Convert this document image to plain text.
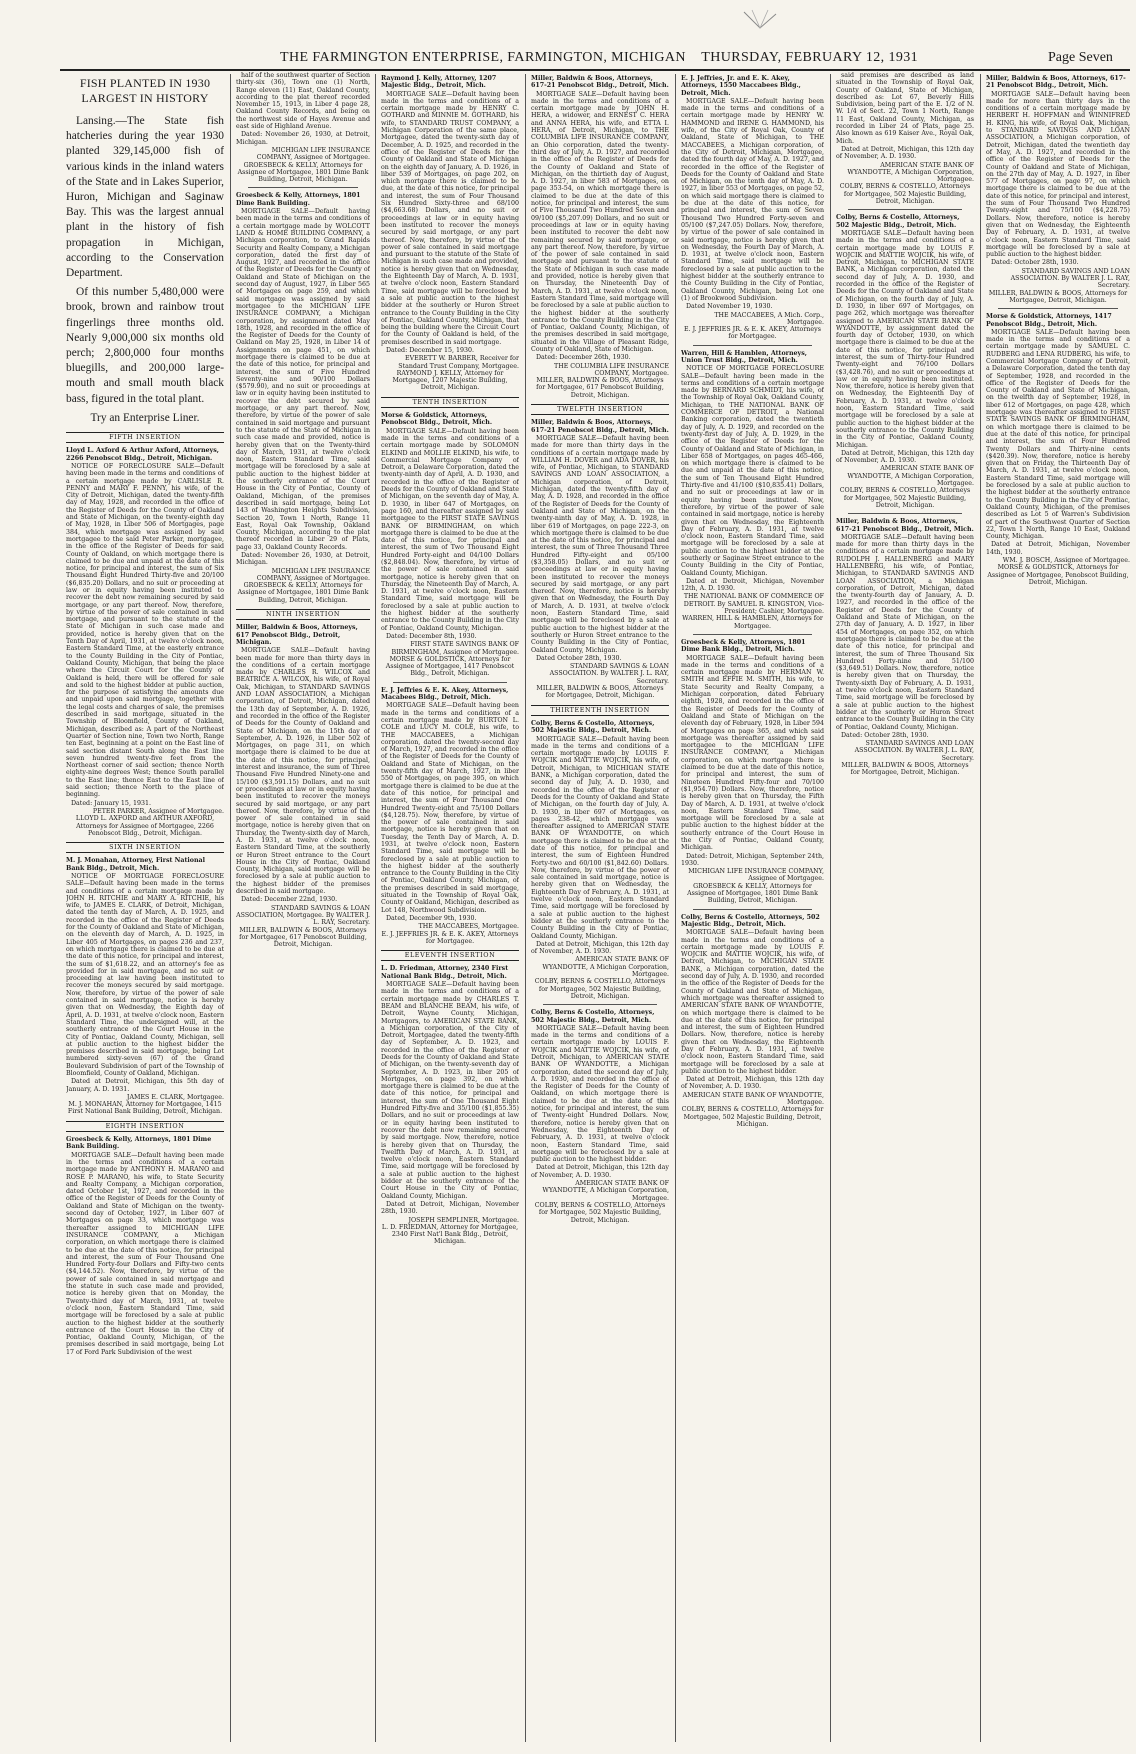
THE FARMINGTON ENTERPRISE, FARMINGTON, MICHIGAN THURSDAY, FEBRUARY 12, 1931	Page Seven
FISH PLANTED IN 1930
LARGEST IN HISTORY

Lansing.—The State fish hatcheries during the year 1930 planted 329,145,000 fish of various kinds in the inland waters of the State and in Lakes Superior, Huron, Michigan and Saginaw Bay. This was the largest annual plant in the history of fish propagation in Michigan, according to the Conservation Department.

Of this number 5,480,000 were brook, brown and rainbow trout fingerlings three months old. Nearly 9,000,000 six months old perch; 2,800,000 four months bluegills, and 200,000 large-mouth and small mouth black bass, figured in the total plant.

Try an Enterprise Liner.

FIFTH INSERTION
Lloyd L. Axford & Arthur Axford, Attorneys, 2266 Penobscot Bldg., Detroit, Michigan.

NOTICE OF FORECLOSURE SALE—Default having been made in the terms and conditions of a certain mortgage made by CARLISLE R. PENNY and MARY F. PENNY, his wife, of the City of Detroit, Michigan, dated the twenty-fifth day of May, 1928, and recorded in the office of the Register of Deeds for the County of Oakland and State of Michigan, on the twenty-eighth day of May, 1928, in Liber 506 of Mortgages, page 384, which mortgage was assigned by said mortgagee to the said Peter Parker, mortgagee, in the office of the Register of Deeds for said County of Oakland, on which mortgage there is claimed to be due and unpaid at the date of this notice, for principal and interest, the sum of Six Thousand Eight Hundred Thirty-five and 20/100 ($6,835.20) Dollars, and no suit or proceeding at law or in equity having been instituted to recover the debt now remaining secured by said mortgage, or any part thereof. Now, therefore, by virtue of the power of sale contained in said mortgage, and pursuant to the statute of the State of Michigan in such case made and provided, notice is hereby given that on the Tenth Day of April, 1931, at twelve o'clock noon, Eastern Standard Time, at the easterly entrance to the County Building in the City of Pontiac, Oakland County, Michigan, that being the place where the Circuit Court for the County of Oakland is held, there will be offered for sale and sold to the highest bidder at public auction, for the purpose of satisfying the amounts due and unpaid upon said mortgage, together with the legal costs and charges of sale, the premises described in said mortgage, situated in the Township of Bloomfield, County of Oakland, Michigan, described as: A part of the Northeast Quarter of Section nine, Town two North, Range ten East, beginning at a point on the East line of said section distant South along the East line seven hundred twenty-five feet from the Northeast corner of said section; thence North eighty-nine degrees West; thence South parallel to the East line; thence East to the East line of said section; thence North to the place of beginning.

Dated: January 15, 1931.

PETER PARKER, Assignee of Mortgagee.

LLOYD L. AXFORD and ARTHUR AXFORD, Attorneys for Assignee of Mortgagee, 2266 Penobscot Bldg., Detroit, Michigan.

SIXTH INSERTION
M. J. Monahan, Attorney, First National Bank Bldg., Detroit, Mich.

NOTICE OF MORTGAGE FORECLOSURE SALE—Default having been made in the terms and conditions of a certain mortgage made by JOHN H. RITCHIE and MARY A. RITCHIE, his wife, to JAMES E. CLARK, of Detroit, Michigan, dated the tenth day of March, A. D. 1925, and recorded in the office of the Register of Deeds for the County of Oakland and State of Michigan, on the eleventh day of March, A. D. 1925, in Liber 405 of Mortgages, on pages 236 and 237, on which mortgage there is claimed to be due at the date of this notice, for principal and interest, the sum of $1,618.22, and an attorney's fee as provided for in said mortgage, and no suit or proceeding at law having been instituted to recover the moneys secured by said mortgage. Now, therefore, by virtue of the power of sale contained in said mortgage, notice is hereby given that on Wednesday, the Eighth day of April, A. D. 1931, at twelve o'clock noon, Eastern Standard Time, the undersigned will, at the southerly entrance of the Court House in the City of Pontiac, Oakland County, Michigan, sell at public auction to the highest bidder the premises described in said mortgage, being Lot numbered sixty-seven (67) of the Grand Boulevard Subdivision of part of the Township of Bloomfield, County of Oakland, Michigan.

Dated at Detroit, Michigan, this 5th day of January, A. D. 1931.

JAMES E. CLARK, Mortgagee.

M. J. MONAHAN, Attorney for Mortgagee, 1415 First National Bank Building, Detroit, Michigan.

EIGHTH INSERTION
Groesbeck & Kelly, Attorneys, 1801 Dime Bank Building.

MORTGAGE SALE—Default having been made in the terms and conditions of a certain mortgage made by ANTHONY H. MARANO and ROSE P. MARANO, his wife, to State Security and Realty Company, a Michigan corporation, dated October 1st, 1927, and recorded in the office of the Register of Deeds for the County of Oakland and State of Michigan on the twenty-second day of October, 1927, in Liber 607 of Mortgages on page 33, which mortgage was thereafter assigned to MICHIGAN LIFE INSURANCE COMPANY, a Michigan corporation, on which mortgage there is claimed to be due at the date of this notice, for principal and interest, the sum of Four Thousand One Hundred Forty-four Dollars and Fifty-two cents ($4,144.52). Now, therefore, by virtue of the power of sale contained in said mortgage and the statute in such case made and provided, notice is hereby given that on Monday, the Twenty-third day of March, 1931, at twelve o'clock noon, Eastern Standard Time, said mortgage will be foreclosed by a sale at public auction to the highest bidder at the southerly entrance of the Court House in the City of Pontiac, Oakland County, Michigan, of the premises described in said mortgage, being Lot 17 of Ford Park Subdivision of the west

half of the southwest quarter of Section thirty-six (36), Town one (1) North, Range eleven (11) East, Oakland County, according to the plat thereof recorded November 15, 1913, in Liber 4 page 28, Oakland County Records, and being on the northwest side of Hayes Avenue and east side of Highland Avenue.

Dated: November 26, 1930, at Detroit, Michigan.

MICHIGAN LIFE INSURANCE COMPANY, Assignee of Mortgagee.

GROESBECK & KELLY, Attorneys for Assignee of Mortgagee, 1801 Dime Bank Building, Detroit, Michigan.

Groesbeck & Kelly, Attorneys, 1801 Dime Bank Building.

MORTGAGE SALE—Default having been made in the terms and conditions of a certain mortgage made by WOLCOTT LAND & HOME BUILDING COMPANY, a Michigan corporation, to Grand Rapids Security and Realty Company, a Michigan corporation, dated the first day of August, 1927, and recorded in the office of the Register of Deeds for the County of Oakland and State of Michigan on the second day of August, 1927, in Liber 565 of Mortgages on page 259, and which said mortgage was assigned by said mortgagee to the MICHIGAN LIFE INSURANCE COMPANY, a Michigan corporation, by assignment dated May 18th, 1928, and recorded in the office of the Register of Deeds for the County of Oakland on May 25, 1928, in Liber 14 of Assignments on page 451, on which mortgage there is claimed to be due at the date of this notice, for principal and interest, the sum of Five Hundred Seventy-nine and 90/100 Dollars ($579.90), and no suit or proceedings at law or in equity having been instituted to recover the debt secured by said mortgage, or any part thereof. Now, therefore, by virtue of the power of sale contained in said mortgage and pursuant to the statute of the State of Michigan in such case made and provided, notice is hereby given that on the Twenty-third day of March, 1931, at twelve o'clock noon, Eastern Standard Time, said mortgage will be foreclosed by a sale at public auction to the highest bidder at the southerly entrance of the Court House in the City of Pontiac, County of Oakland, Michigan, of the premises described in said mortgage, being Lot 143 of Washington Heights Subdivision, Section 20, Town 1 North, Range 11 East, Royal Oak Township, Oakland County, Michigan, according to the plat thereof recorded in Liber 29 of Plats, page 33, Oakland County Records.

Dated: November 26, 1930, at Detroit, Michigan.

MICHIGAN LIFE INSURANCE COMPANY, Assignee of Mortgagee.

GROESBECK & KELLY, Attorneys for Assignee of Mortgagee, 1801 Dime Bank Building, Detroit, Michigan.

NINTH INSERTION
Miller, Baldwin & Boos, Attorneys, 617 Penobscot Bldg., Detroit, Michigan.

MORTGAGE SALE—Default having been made for more than thirty days in the conditions of a certain mortgage made by CHARLES R. WILCOX and BEATRICE A. WILCOX, his wife, of Royal Oak, Michigan, to STANDARD SAVINGS AND LOAN ASSOCIATION, a Michigan corporation, of Detroit, Michigan, dated the 13th day of September, A. D. 1926, and recorded in the office of the Register of Deeds for the County of Oakland and State of Michigan, on the 15th day of September, A. D. 1926, in Liber 502 of Mortgages, on page 311, on which mortgage there is claimed to be due at the date of this notice, for principal, interest and insurance, the sum of Three Thousand Five Hundred Ninety-one and 15/100 ($3,591.15) Dollars, and no suit or proceedings at law or in equity having been instituted to recover the moneys secured by said mortgage, or any part thereof. Now, therefore, by virtue of the power of sale contained in said mortgage, notice is hereby given that on Thursday, the Twenty-sixth day of March, A. D. 1931, at twelve o'clock noon, Eastern Standard Time, at the southerly or Huron Street entrance to the Court House in the City of Pontiac, Oakland County, Michigan, said mortgage will be foreclosed by a sale at public auction to the highest bidder of the premises described in said mortgage.

Dated: December 22nd, 1930.

STANDARD SAVINGS & LOAN ASSOCIATION, Mortgagee. By WALTER J. L. RAY, Secretary.

MILLER, BALDWIN & BOOS, Attorneys for Mortgagee, 617 Penobscot Building, Detroit, Michigan.

Raymond J. Kelly, Attorney, 1207 Majestic Bldg., Detroit, Mich.

MORTGAGE SALE—Default having been made in the terms and conditions of a certain mortgage made by HENRY C. GOTHARD and MINNIE M. GOTHARD, his wife, to STANDARD TRUST COMPANY, a Michigan Corporation of the same place, Mortgagee, dated the twenty-sixth day of December, A. D. 1925, and recorded in the office of the Register of Deeds for the County of Oakland and State of Michigan on the eighth day of January, A. D. 1926, in liber 539 of Mortgages, on page 202, on which mortgage there is claimed to be due, at the date of this notice, for principal and interest, the sum of Four Thousand Six Hundred Sixty-three and 68/100 ($4,663.68) Dollars, and no suit or proceedings at law or in equity having been instituted to recover the moneys secured by said mortgage, or any part thereof. Now, therefore, by virtue of the power of sale contained in said mortgage and pursuant to the statute of the State of Michigan in such case made and provided, notice is hereby given that on Wednesday, the Eighteenth Day of March, A. D. 1931, at twelve o'clock noon, Eastern Standard Time, said mortgage will be foreclosed by a sale at public auction to the highest bidder at the southerly or Huron Street entrance to the County Building in the City of Pontiac, Oakland County, Michigan, that being the building where the Circuit Court for the County of Oakland is held, of the premises described in said mortgage.

Dated: December 15, 1930.

EVERETT W. BARBER, Receiver for Standard Trust Company, Mortgagee.

RAYMOND J. KELLY, Attorney for Mortgagee, 1207 Majestic Building, Detroit, Michigan.

TENTH INSERTION
Morse & Goldstick, Attorneys, Penobscot Bldg., Detroit, Mich.

MORTGAGE SALE—Default having been made in the terms and conditions of a certain mortgage made by SOLOMON ELKIND and MOLLIE ELKIND, his wife, to Commercial Mortgage Company of Detroit, a Delaware Corporation, dated the twenty-ninth day of April, A. D. 1930, and recorded in the office of the Register of Deeds for the County of Oakland and State of Michigan, on the seventh day of May, A. D. 1930, in liber 647 of Mortgages, on page 160, and thereafter assigned by said mortgagee to the FIRST STATE SAVINGS BANK OF BIRMINGHAM, on which mortgage there is claimed to be due at the date of this notice, for principal and interest, the sum of Two Thousand Eight Hundred Forty-eight and 04/100 Dollars ($2,848.04). Now, therefore, by virtue of the power of sale contained in said mortgage, notice is hereby given that on Thursday, the Nineteenth Day of March, A. D. 1931, at twelve o'clock noon, Eastern Standard Time, said mortgage will be foreclosed by a sale at public auction to the highest bidder at the southerly entrance to the County Building in the City of Pontiac, Oakland County, Michigan.

Dated: December 8th, 1930.

FIRST STATE SAVINGS BANK OF BIRMINGHAM, Assignee of Mortgagee.

MORSE & GOLDSTICK, Attorneys for Assignee of Mortgagee, 1417 Penobscot Bldg., Detroit, Michigan.

E. J. Jeffries & E. K. Akey, Attorneys, Macabees Bldg., Detroit, Mich.

MORTGAGE SALE—Default having been made in the terms and conditions of a certain mortgage made by BURTON L. COLE and LUCY M. COLE, his wife, to THE MACCABEES, a Michigan corporation, dated the twenty-second day of March, 1927, and recorded in the office of the Register of Deeds for the County of Oakland and State of Michigan, on the twenty-fifth day of March, 1927, in liber 550 of Mortgages, on page 395, on which mortgage there is claimed to be due at the date of this notice, for principal and interest, the sum of Four Thousand One Hundred Twenty-eight and 75/100 Dollars ($4,128.75). Now, therefore, by virtue of the power of sale contained in said mortgage, notice is hereby given that on Tuesday, the Tenth Day of March, A. D. 1931, at twelve o'clock noon, Eastern Standard Time, said mortgage will be foreclosed by a sale at public auction to the highest bidder at the southerly entrance to the County Building in the City of Pontiac, Oakland County, Michigan, of the premises described in said mortgage, situated in the Township of Royal Oak, County of Oakland, Michigan, described as Lot 148, Northwood Subdivision.

Dated, December 9th, 1930.

THE MACCABEES, Mortgagee.

E. J. JEFFRIES JR. & E. K. AKEY, Attorneys for Mortgagee.

ELEVENTH INSERTION
L. D. Friedman, Attorney, 2340 First National Bank Bldg., Detroit, Mich.

MORTGAGE SALE—Default having been made in the terms and conditions of a certain mortgage made by CHARLES T. BEAM and BLANCHE BEAM, his wife, of Detroit, Wayne County, Michigan, Mortgagors, to AMERICAN STATE BANK, a Michigan corporation, of the City of Detroit, Mortgagee, dated the twenty-fifth day of September, A. D. 1923, and recorded in the office of the Register of Deeds for the County of Oakland and State of Michigan, on the twenty-seventh day of September, A. D. 1923, in liber 205 of Mortgages, on page 392, on which mortgage there is claimed to be due at the date of this notice, for principal and interest, the sum of One Thousand Eight Hundred Fifty-five and 35/100 ($1,855.35) Dollars, and no suit or proceedings at law or in equity having been instituted to recover the debt now remaining secured by said mortgage. Now, therefore, notice is hereby given that on Thursday, the Twelfth Day of March, A. D. 1931, at twelve o'clock noon, Eastern Standard Time, said mortgage will be foreclosed by a sale at public auction to the highest bidder at the southerly entrance of the Court House in the City of Pontiac, Oakland County, Michigan.

Dated at Detroit, Michigan, November 28th, 1930.

JOSEPH SEMPLINER, Mortgagee.

L. D. FRIEDMAN, Attorney for Mortgagee, 2340 First Nat'l Bank Bldg., Detroit, Michigan.

Miller, Baldwin & Boos, Attorneys, 617-21 Penobscot Bldg., Detroit, Mich.

MORTGAGE SALE—Default having been made in the terms and conditions of a certain mortgage made by JOHN H. HERA, a widower, and ERNEST C. HERA and ANNA HERA, his wife, and ETTA I. HERA, of Detroit, Michigan, to THE COLUMBIA LIFE INSURANCE COMPANY, an Ohio corporation, dated the twenty-third day of July, A. D. 1927, and recorded in the office of the Register of Deeds for the County of Oakland and State of Michigan, on the thirtieth day of August, A. D. 1927, in liber 583 of Mortgages, on page 353-54, on which mortgage there is claimed to be due at the date of this notice, for principal and interest, the sum of Five Thousand Two Hundred Seven and 09/100 ($5,207.09) Dollars, and no suit or proceedings at law or in equity having been instituted to recover the debt now remaining secured by said mortgage, or any part thereof. Now, therefore, by virtue of the power of sale contained in said mortgage and pursuant to the statute of the State of Michigan in such case made and provided, notice is hereby given that on Thursday, the Nineteenth Day of March, A. D. 1931, at twelve o'clock noon, Eastern Standard Time, said mortgage will be foreclosed by a sale at public auction to the highest bidder at the southerly entrance to the County Building in the City of Pontiac, Oakland County, Michigan, of the premises described in said mortgage, situated in the Village of Pleasant Ridge, County of Oakland, State of Michigan.

Dated: December 26th, 1930.

THE COLUMBIA LIFE INSURANCE COMPANY, Mortgagee.

MILLER, BALDWIN & BOOS, Attorneys for Mortgagee, 617 Penobscot Building, Detroit, Michigan.

TWELFTH INSERTION
Miller, Baldwin & Boos, Attorneys, 617-21 Penobscot Bldg., Detroit, Mich.

MORTGAGE SALE—Default having been made for more than thirty days in the conditions of a certain mortgage made by WILLIAM H. DOVER and ADA DOVER, his wife, of Pontiac, Michigan, to STANDARD SAVINGS AND LOAN ASSOCIATION, a Michigan corporation, of Detroit, Michigan, dated the twenty-fifth day of May, A. D. 1928, and recorded in the office of the Register of Deeds for the County of Oakland and State of Michigan, on the twenty-ninth day of May, A. D. 1928, in liber 619 of Mortgages, on page 222-3, on which mortgage there is claimed to be due at the date of this notice, for principal and interest, the sum of Three Thousand Three Hundred Fifty-eight and 05/100 ($3,358.05) Dollars, and no suit or proceedings at law or in equity having been instituted to recover the moneys secured by said mortgage, or any part thereof. Now, therefore, notice is hereby given that on Wednesday, the Fourth Day of March, A. D. 1931, at twelve o'clock noon, Eastern Standard Time, said mortgage will be foreclosed by a sale at public auction to the highest bidder at the southerly or Huron Street entrance to the County Building in the City of Pontiac, Oakland County, Michigan.

Dated October 28th, 1930.

STANDARD SAVINGS & LOAN ASSOCIATION. By WALTER J. L. RAY, Secretary.

MILLER, BALDWIN & BOOS, Attorneys for Mortgagee, Detroit, Michigan.

THIRTEENTH INSERTION
Colby, Berns & Costello, Attorneys, 502 Majestic Bldg., Detroit, Mich.

MORTGAGE SALE—Default having been made in the terms and conditions of a certain mortgage made by LOUIS F. WOJCIK and MATTIE WOJCIK, his wife, of Detroit, Michigan, to MICHIGAN STATE BANK, a Michigan corporation, dated the second day of July, A. D. 1930, and recorded in the office of the Register of Deeds for the County of Oakland and State of Michigan, on the fourth day of July, A. D. 1930, in liber 697 of Mortgages, on pages 238-42, which mortgage was thereafter assigned to AMERICAN STATE BANK OF WYANDOTTE, on which mortgage there is claimed to be due at the date of this notice, for principal and interest, the sum of Eighteen Hundred Forty-two and 60/100 ($1,842.60) Dollars. Now, therefore, by virtue of the power of sale contained in said mortgage, notice is hereby given that on Wednesday, the Eighteenth Day of February, A. D. 1931, at twelve o'clock noon, Eastern Standard Time, said mortgage will be foreclosed by a sale at public auction to the highest bidder at the southerly entrance to the County Building in the City of Pontiac, Oakland County, Michigan.

Dated at Detroit, Michigan, this 12th day of November, A. D. 1930.

AMERICAN STATE BANK OF WYANDOTTE, A Michigan Corporation, Mortgagee.

COLBY, BERNS & COSTELLO, Attorneys for Mortgagee, 502 Majestic Building, Detroit, Michigan.

Colby, Berns & Costello, Attorneys, 502 Majestic Bldg., Detroit, Mich.

MORTGAGE SALE—Default having been made in the terms and conditions of a certain mortgage made by LOUIS F. WOJCIK and MATTIE WOJCIK, his wife, of Detroit, Michigan, to AMERICAN STATE BANK OF WYANDOTTE, a Michigan corporation, dated the second day of July, A. D. 1930, and recorded in the office of the Register of Deeds for the County of Oakland, on which mortgage there is claimed to be due at the date of this notice, for principal and interest, the sum of Twenty-eight Hundred Dollars. Now, therefore, notice is hereby given that on Wednesday, the Eighteenth Day of February, A. D. 1931, at twelve o'clock noon, Eastern Standard Time, said mortgage will be foreclosed by a sale at public auction to the highest bidder.

Dated at Detroit, Michigan, this 12th day of November, A. D. 1930.

AMERICAN STATE BANK OF WYANDOTTE, A Michigan Corporation, Mortgagee.

COLBY, BERNS & COSTELLO, Attorneys for Mortgagee, 502 Majestic Building, Detroit, Michigan.

E. J. Jeffries, Jr. and E. K. Akey, Attorneys, 1550 Maccabees Bldg., Detroit, Mich.

MORTGAGE SALE—Default having been made in the terms and conditions of a certain mortgage made by HENRY W. HAMMOND and IRENE G. HAMMOND, his wife, of the City of Royal Oak, County of Oakland, State of Michigan, to THE MACCABEES, a Michigan corporation, of the City of Detroit, Michigan, Mortgagee, dated the fourth day of May, A. D. 1927, and recorded in the office of the Register of Deeds for the County of Oakland and State of Michigan, on the tenth day of May, A. D. 1927, in liber 553 of Mortgages, on page 52, on which said mortgage there is claimed to be due at the date of this notice, for principal and interest, the sum of Seven Thousand Two Hundred Forty-seven and 05/100 ($7,247.05) Dollars. Now, therefore, by virtue of the power of sale contained in said mortgage, notice is hereby given that on Wednesday, the Fourth Day of March, A. D. 1931, at twelve o'clock noon, Eastern Standard Time, said mortgage will be foreclosed by a sale at public auction to the highest bidder at the southerly entrance to the County Building in the City of Pontiac, Oakland County, Michigan, being Lot one (1) of Brookwood Subdivision.

Dated November 19, 1930.

THE MACCABEES, A Mich. Corp., Mortgagee.

E. J. JEFFRIES JR. & E. K. AKEY, Attorneys for Mortgagee.

Warren, Hill & Hamblen, Attorneys, Union Trust Bldg., Detroit, Mich.

NOTICE OF MORTGAGE FORECLOSURE SALE—Default having been made in the terms and conditions of a certain mortgage made by BERNARD SCHMIDT, his wife, of the Township of Royal Oak, Oakland County, Michigan, to THE NATIONAL BANK OF COMMERCE OF DETROIT, a National Banking corporation, dated the twentieth day of July, A. D. 1929, and recorded on the twenty-first day of July, A. D. 1929, in the office of the Register of Deeds for the County of Oakland and State of Michigan, in Liber 658 of Mortgages, on pages 465-466, on which mortgage there is claimed to be due and unpaid at the date of this notice, the sum of Ten Thousand Eight Hundred Thirty-five and 41/100 ($10,835.41) Dollars, and no suit or proceedings at law or in equity having been instituted. Now, therefore, by virtue of the power of sale contained in said mortgage, notice is hereby given that on Wednesday, the Eighteenth Day of February, A. D. 1931, at twelve o'clock noon, Eastern Standard Time, said mortgage will be foreclosed by a sale at public auction to the highest bidder at the southerly or Saginaw Street entrance to the County Building in the City of Pontiac, Oakland County, Michigan.

Dated at Detroit, Michigan, November 12th, A. D. 1930.

THE NATIONAL BANK OF COMMERCE OF DETROIT. By SAMUEL R. KINGSTON, Vice-President; Cashier, Mortgagee.

WARREN, HILL & HAMBLEN, Attorneys for Mortgagee.

Groesbeck & Kelly, Attorneys, 1801 Dime Bank Bldg., Detroit, Mich.

MORTGAGE SALE—Default having been made in the terms and conditions of a certain mortgage made by HERMAN W. SMITH and EFFIE M. SMITH, his wife, to State Security and Realty Company, a Michigan corporation, dated February eighth, 1928, and recorded in the office of the Register of Deeds for the County of Oakland and State of Michigan on the eleventh day of February, 1928, in Liber 594 of Mortgages on page 365, and which said mortgage was thereafter assigned by said mortgagee to the MICHIGAN LIFE INSURANCE COMPANY, a Michigan corporation, on which mortgage there is claimed to be due at the date of this notice, for principal and interest, the sum of Nineteen Hundred Fifty-four and 70/100 ($1,954.70) Dollars. Now, therefore, notice is hereby given that on Thursday, the Fifth Day of March, A. D. 1931, at twelve o'clock noon, Eastern Standard Time, said mortgage will be foreclosed by a sale at public auction to the highest bidder at the southerly entrance of the Court House in the City of Pontiac, Oakland County, Michigan.

Dated: Detroit, Michigan, September 24th, 1930.

MICHIGAN LIFE INSURANCE COMPANY, Assignee of Mortgagee.

GROESBECK & KELLY, Attorneys for Assignee of Mortgagee, 1801 Dime Bank Building, Detroit, Michigan.

Colby, Berns & Costello, Attorneys, 502 Majestic Bldg., Detroit, Mich.

MORTGAGE SALE—Default having been made in the terms and conditions of a certain mortgage made by LOUIS F. WOJCIK and MATTIE WOJCIK, his wife, of Detroit, Michigan, to MICHIGAN STATE BANK, a Michigan corporation, dated the second day of July, A. D. 1930, and recorded in the office of the Register of Deeds for the County of Oakland and State of Michigan, which mortgage was thereafter assigned to AMERICAN STATE BANK OF WYANDOTTE, on which mortgage there is claimed to be due at the date of this notice, for principal and interest, the sum of Eighteen Hundred Dollars. Now, therefore, notice is hereby given that on Wednesday, the Eighteenth Day of February, A. D. 1931, at twelve o'clock noon, Eastern Standard Time, said mortgage will be foreclosed by a sale at public auction to the highest bidder.

Dated at Detroit, Michigan, this 12th day of November, A. D. 1930.

AMERICAN STATE BANK OF WYANDOTTE, Mortgagee.

COLBY, BERNS & COSTELLO, Attorneys for Mortgagee, 502 Majestic Building, Detroit, Michigan.

said premises are described as land situated in the Township of Royal Oak, County of Oakland, State of Michigan, described as: Lot 67, Beverly Hills Subdivision, being part of the E. 1/2 of N. W. 1/4 of Sect. 22, Town 1 North, Range 11 East, Oakland County, Michigan, as recorded in Liber 24 of Plats, page 25. Also known as 619 Kaiser Ave., Royal Oak, Mich.

Dated at Detroit, Michigan, this 12th day of November, A. D. 1930.

AMERICAN STATE BANK OF WYANDOTTE, A Michigan Corporation, Mortgagee.

COLBY, BERNS & COSTELLO, Attorneys for Mortgagee, 502 Majestic Building, Detroit, Michigan.

Colby, Berns & Costello, Attorneys, 502 Majestic Bldg., Detroit, Mich.

MORTGAGE SALE—Default having been made in the terms and conditions of a certain mortgage made by LOUIS F. WOJCIK and MATTIE WOJCIK, his wife, of Detroit, Michigan, to MICHIGAN STATE BANK, a Michigan corporation, dated the second day of July, A. D. 1930, and recorded in the office of the Register of Deeds for the County of Oakland and State of Michigan, on the fourth day of July, A. D. 1930, in liber 697 of Mortgages, on page 262, which mortgage was thereafter assigned to AMERICAN STATE BANK OF WYANDOTTE, by assignment dated the fourth day of October, 1930, on which mortgage there is claimed to be due at the date of this notice, for principal and interest, the sum of Thirty-four Hundred Twenty-eight and 76/100 Dollars ($3,428.76), and no suit or proceedings at law or in equity having been instituted. Now, therefore, notice is hereby given that on Wednesday, the Eighteenth Day of February, A. D. 1931, at twelve o'clock noon, Eastern Standard Time, said mortgage will be foreclosed by a sale at public auction to the highest bidder at the southerly entrance to the County Building in the City of Pontiac, Oakland County, Michigan.

Dated at Detroit, Michigan, this 12th day of November, A. D. 1930.

AMERICAN STATE BANK OF WYANDOTTE, A Michigan Corporation, Mortgagee.

COLBY, BERNS & COSTELLO, Attorneys for Mortgagee, 502 Majestic Building, Detroit, Michigan.

Miller, Baldwin & Boos, Attorneys, 617-21 Penobscot Bldg., Detroit, Mich.

MORTGAGE SALE—Default having been made for more than thirty days in the conditions of a certain mortgage made by RUDOLPH J. HALLENBERG and MARY HALLENBERG, his wife, of Pontiac, Michigan, to STANDARD SAVINGS AND LOAN ASSOCIATION, a Michigan corporation, of Detroit, Michigan, dated the twenty-fourth day of January, A. D. 1927, and recorded in the office of the Register of Deeds for the County of Oakland and State of Michigan, on the 27th day of January, A. D. 1927, in liber 454 of Mortgages, on page 352, on which mortgage there is claimed to be due at the date of this notice, for principal and interest, the sum of Three Thousand Six Hundred Forty-nine and 51/100 ($3,649.51) Dollars. Now, therefore, notice is hereby given that on Thursday, the Twenty-sixth Day of February, A. D. 1931, at twelve o'clock noon, Eastern Standard Time, said mortgage will be foreclosed by a sale at public auction to the highest bidder at the southerly or Huron Street entrance to the County Building in the City of Pontiac, Oakland County, Michigan.

Dated: October 28th, 1930.

STANDARD SAVINGS AND LOAN ASSOCIATION. By WALTER J. L. RAY, Secretary.

MILLER, BALDWIN & BOOS, Attorneys for Mortgagee, Detroit, Michigan.

Miller, Baldwin & Boos, Attorneys, 617-21 Penobscot Bldg., Detroit, Mich.

MORTGAGE SALE—Default having been made for more than thirty days in the conditions of a certain mortgage made by HERBERT H. HOFFMAN and WINNIFRED H. KING, his wife, of Royal Oak, Michigan, to STANDARD SAVINGS AND LOAN ASSOCIATION, a Michigan corporation, of Detroit, Michigan, dated the twentieth day of May, A. D. 1927, and recorded in the office of the Register of Deeds for the County of Oakland and State of Michigan, on the 27th day of May, A. D. 1927, in liber 577 of Mortgages, on page 97, on which mortgage there is claimed to be due at the date of this notice, for principal and interest, the sum of Four Thousand Two Hundred Twenty-eight and 75/100 ($4,228.75) Dollars. Now, therefore, notice is hereby given that on Wednesday, the Eighteenth Day of February, A. D. 1931, at twelve o'clock noon, Eastern Standard Time, said mortgage will be foreclosed by a sale at public auction to the highest bidder.

Dated: October 28th, 1930.

STANDARD SAVINGS AND LOAN ASSOCIATION. By WALTER J. L. RAY, Secretary.

MILLER, BALDWIN & BOOS, Attorneys for Mortgagee, Detroit, Michigan.

Morse & Goldstick, Attorneys, 1417 Penobscot Bldg., Detroit, Mich.

MORTGAGE SALE—Default having been made in the terms and conditions of a certain mortgage made by SAMUEL C. RUDBERG and LENA RUDBERG, his wife, to Commercial Mortgage Company of Detroit, a Delaware Corporation, dated the tenth day of September, 1928, and recorded in the office of the Register of Deeds for the County of Oakland and State of Michigan, on the twelfth day of September, 1928, in liber 612 of Mortgages, on page 428, which mortgage was thereafter assigned to FIRST STATE SAVINGS BANK OF BIRMINGHAM, on which mortgage there is claimed to be due at the date of this notice, for principal and interest, the sum of Four Hundred Twenty Dollars and Thirty-nine cents ($420.39). Now, therefore, notice is hereby given that on Friday, the Thirteenth Day of March, A. D. 1931, at twelve o'clock noon, Eastern Standard Time, said mortgage will be foreclosed by a sale at public auction to the highest bidder at the southerly entrance to the County Building in the City of Pontiac, Oakland County, Michigan, of the premises described as Lot 5 of Warren's Subdivision of part of the Southwest Quarter of Section 22, Town 1 North, Range 10 East, Oakland County, Michigan.

Dated at Detroit, Michigan, November 14th, 1930.

WM. J. BOSCH, Assignee of Mortgagee.

MORSE & GOLDSTICK, Attorneys for Assignee of Mortgagee, Penobscot Building, Detroit, Michigan.
